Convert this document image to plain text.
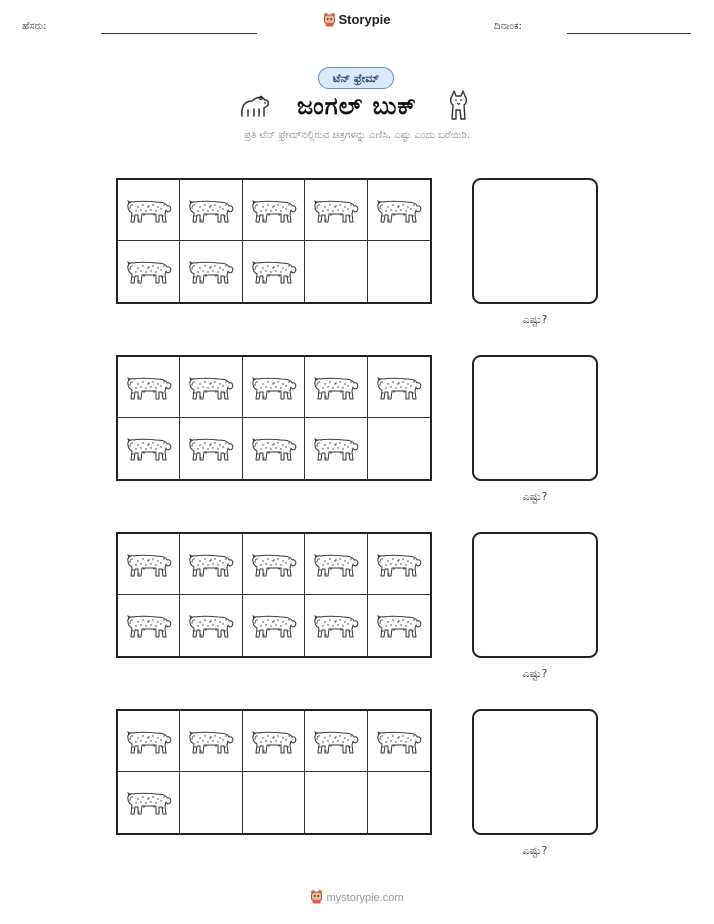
ಹೆಸರು:	Storypie	ದಿನಾಂಕ:
ಟೆನ್ ಫ್ರೇಮ್
ಜಂಗಲ್ ಬುಕ್
ಪ್ರತಿ ಟೆನ್ ಫ್ರೇಮ್‌ನಲ್ಲಿರುವ ಚಿತ್ರಗಳನ್ನು ಎಣಿಸಿ. ಎಷ್ಟು ಎಂದು ಬರೆಯಿರಿ.
ಎಷ್ಟು?
ಎಷ್ಟು?
ಎಷ್ಟು?
ಎಷ್ಟು?
mystorypie.com
